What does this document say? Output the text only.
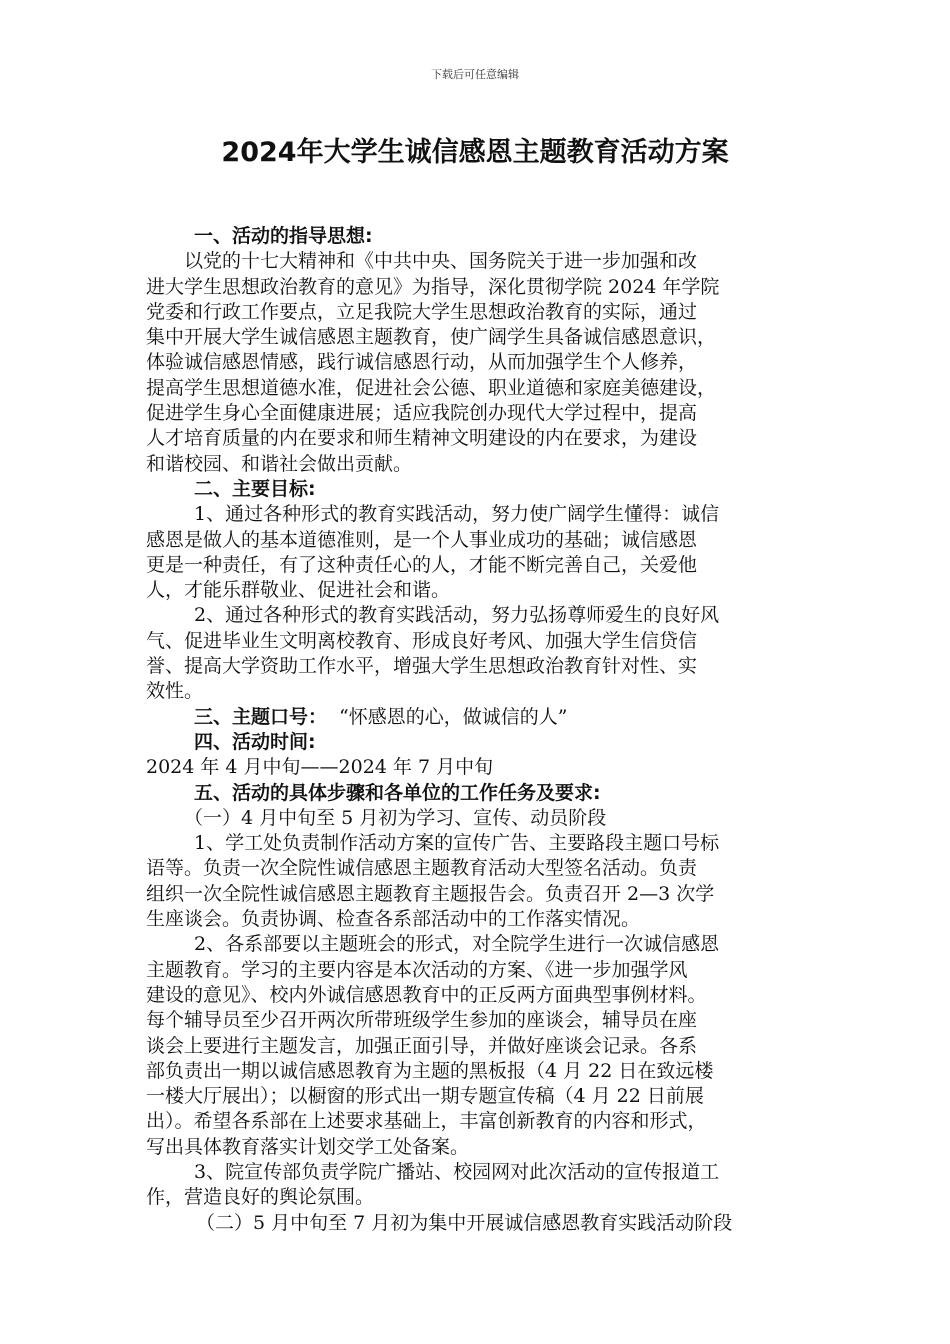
下载后可任意编辑
2024年大学生诚信感恩主题教育活动方案
一、活动的指导思想:
以党的十七大精神和《中共中央、国务院关于进一步加强和改
进大学生思想政治教育的意见》为指导，深化贯彻学院 2024 年学院
党委和行政工作要点，立足我院大学生思想政治教育的实际，通过
集中开展大学生诚信感恩主题教育，使广阔学生具备诚信感恩意识，
体验诚信感恩情感，践行诚信感恩行动，从而加强学生个人修养，
提高学生思想道德水准，促进社会公德、职业道德和家庭美德建设，
促进学生身心全面健康进展；适应我院创办现代大学过程中，提高
人才培育质量的内在要求和师生精神文明建设的内在要求，为建设
和谐校园、和谐社会做出贡献。
二、主要目标:
1、通过各种形式的教育实践活动，努力使广阔学生懂得：诚信
感恩是做人的基本道德准则，是一个人事业成功的基础；诚信感恩
更是一种责任，有了这种责任心的人，才能不断完善自己，关爱他
人，才能乐群敬业、促进社会和谐。
2、通过各种形式的教育实践活动，努力弘扬尊师爱生的良好风
气、促进毕业生文明离校教育、形成良好考风、加强大学生信贷信
誉、提高大学资助工作水平，增强大学生思想政治教育针对性、实
效性。
三、主题口号： “怀感恩的心，做诚信的人”
四、活动时间:
2024 年 4 月中旬——2024 年 7 月中旬
五、活动的具体步骤和各单位的工作任务及要求:
（一）4 月中旬至 5 月初为学习、宣传、动员阶段
1、学工处负责制作活动方案的宣传广告、主要路段主题口号标
语等。负责一次全院性诚信感恩主题教育活动大型签名活动。负责
组织一次全院性诚信感恩主题教育主题报告会。负责召开 2—3 次学
生座谈会。负责协调、检查各系部活动中的工作落实情况。
2、各系部要以主题班会的形式，对全院学生进行一次诚信感恩
主题教育。学习的主要内容是本次活动的方案、《进一步加强学风
建设的意见》、校内外诚信感恩教育中的正反两方面典型事例材料。
每个辅导员至少召开两次所带班级学生参加的座谈会，辅导员在座
谈会上要进行主题发言，加强正面引导，并做好座谈会记录。各系
部负责出一期以诚信感恩教育为主题的黑板报（4 月 22 日在致远楼
一楼大厅展出）；以橱窗的形式出一期专题宣传稿（4 月 22 日前展
出）。希望各系部在上述要求基础上，丰富创新教育的内容和形式，
写出具体教育落实计划交学工处备案。
3、院宣传部负责学院广播站、校园网对此次活动的宣传报道工
作，营造良好的舆论氛围。
（二）5 月中旬至 7 月初为集中开展诚信感恩教育实践活动阶段
